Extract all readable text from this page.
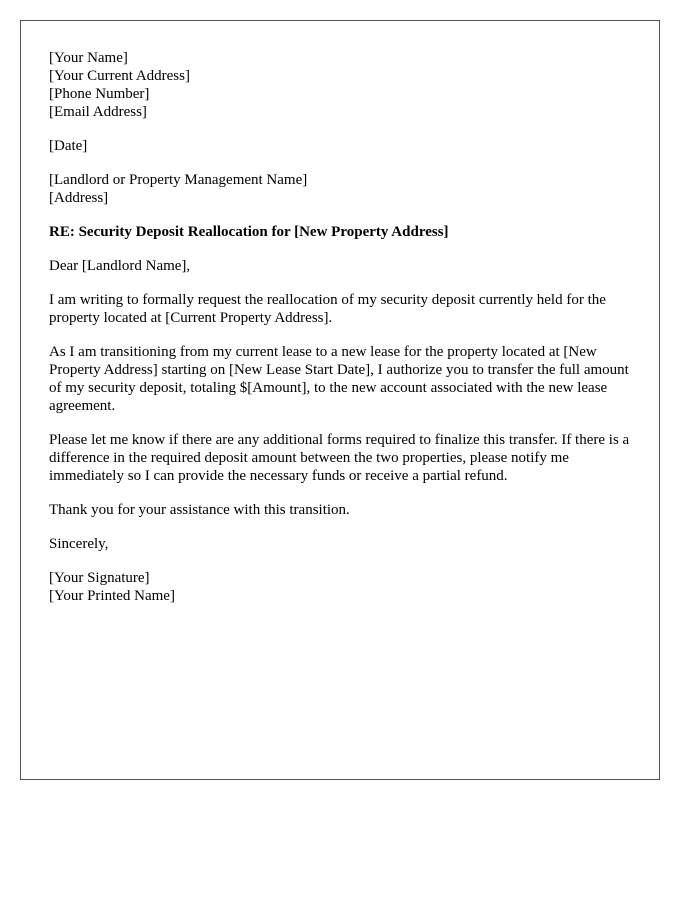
[Your Name]
[Your Current Address]
[Phone Number]
[Email Address]
[Date]
[Landlord or Property Management Name]
[Address]

RE: Security Deposit Reallocation for [New Property Address]

Dear [Landlord Name],

I am writing to formally request the reallocation of my security deposit currently held for the property located at [Current Property Address].

As I am transitioning from my current lease to a new lease for the property located at [New Property Address] starting on [New Lease Start Date], I authorize you to transfer the full amount of my security deposit, totaling $[Amount], to the new account associated with the new lease agreement.

Please let me know if there are any additional forms required to finalize this transfer. If there is a difference in the required deposit amount between the two properties, please notify me immediately so I can provide the necessary funds or receive a partial refund.

Thank you for your assistance with this transition.

Sincerely,

[Your Signature]
[Your Printed Name]
